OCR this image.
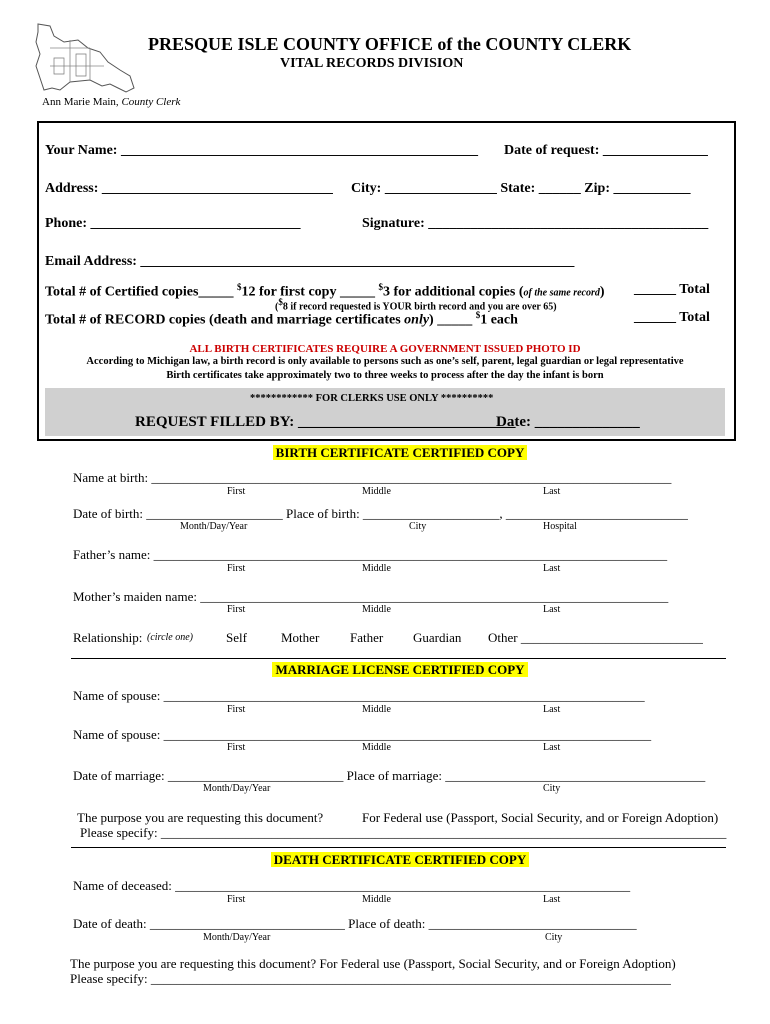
PRESQUE ISLE COUNTY OFFICE of the COUNTY CLERK
VITAL RECORDS DIVISION
Ann Marie Main, County Clerk
Your Name: ___________________________________________________ Date of request: _______________
Address: _________________________________ City: ________________ State: ______ Zip: ___________
Phone: ______________________________	Signature: ________________________________________
Email Address: ______________________________________________________________
Total # of Certified copies_____ $12 for first copy _____ $3 for additional copies (of the same record) ______ Total
($8 if record requested is YOUR birth record and you are over 65)
Total # of RECORD copies (death and marriage certificates only) _____ $1 each	______ Total
ALL BIRTH CERTIFICATES REQUIRE A GOVERNMENT ISSUED PHOTO ID
According to Michigan law, a birth record is only available to persons such as one’s self, parent, legal guardian or legal representative
Birth certificates take approximately two to three weeks to process after the day the infant is born
************ FOR CLERKS USE ONLY **********
REQUEST FILLED BY: _____________________________
Date: ______________
BIRTH CERTIFICATE CERTIFIED COPY
Name at birth: ________________________________________________________________________________
First	Middle	Last
Date of birth: _____________________ Place of birth: _____________________, ____________________________
Month/Day/Year	City	Hospital
Father’s name: _______________________________________________________________________________
First	Middle	Last
Mother’s maiden name: ________________________________________________________________________
First	Middle	Last
Relationship: (circle one)	Self	Mother Father Guardian Other ____________________________
MARRIAGE LICENSE CERTIFIED COPY
Name of spouse: __________________________________________________________________________
First	Middle	Last
Name of spouse: ___________________________________________________________________________
First	Middle	Last
Date of marriage: ___________________________ Place of marriage: ________________________________________
Month/Day/Year	City
The purpose you are requesting this document?	For Federal use (Passport, Social Security, and or Foreign Adoption)
Please specify: _______________________________________________________________________________________
DEATH CERTIFICATE CERTIFIED COPY
Name of deceased: ______________________________________________________________________
First	Middle	Last
Date of death: ______________________________ Place of death: ________________________________
Month/Day/Year	City
The purpose you are requesting this document? For Federal use (Passport, Social Security, and or Foreign Adoption)
Please specify: ________________________________________________________________________________
